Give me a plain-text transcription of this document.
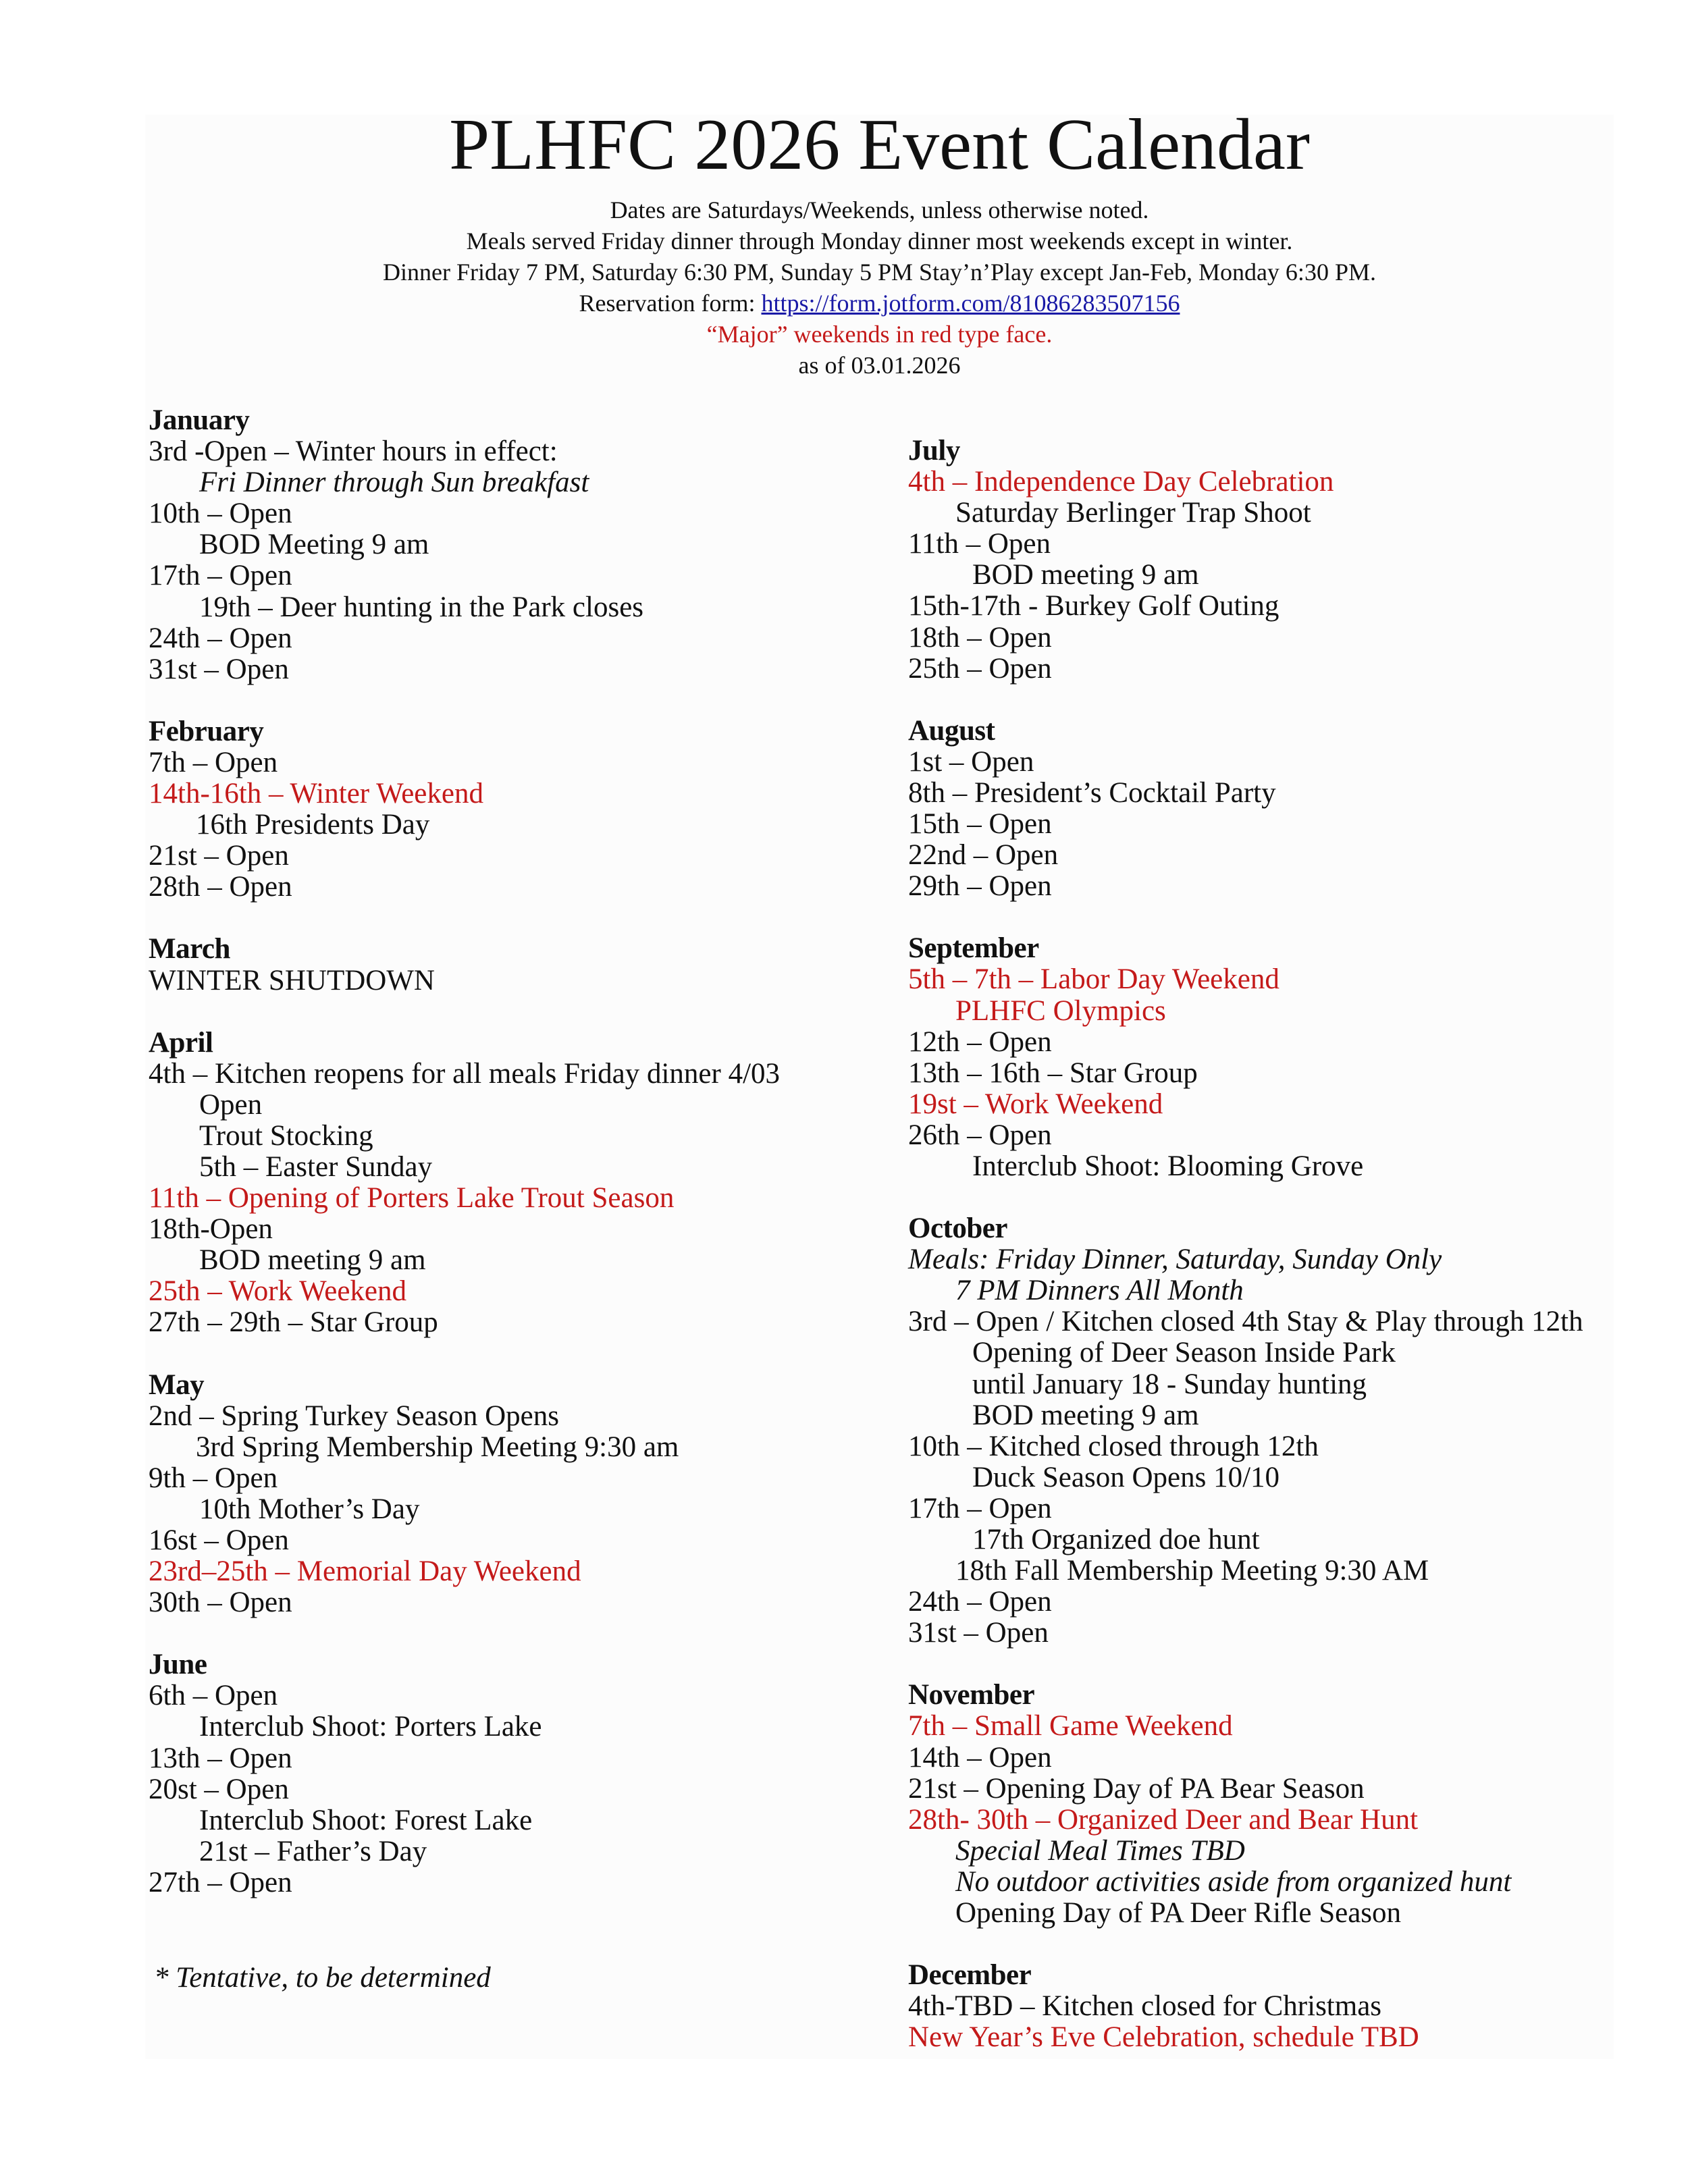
PLHFC 2026 Event Calendar
Dates are Saturdays/Weekends, unless otherwise noted.
Meals served Friday dinner through Monday dinner most weekends except in winter.
Dinner Friday 7 PM, Saturday 6:30 PM, Sunday 5 PM Stay’n’Play except Jan-Feb, Monday 6:30 PM.
Reservation form: https://form.jotform.com/81086283507156
“Major” weekends in red type face.
as of 03.01.2026
January
3rd -Open – Winter hours in effect:
Fri Dinner through Sun breakfast
10th – Open
BOD Meeting 9 am
17th – Open
19th – Deer hunting in the Park closes
24th – Open
31st – Open
February
7th – Open
14th-16th – Winter Weekend
16th Presidents Day
21st – Open
28th – Open
March
WINTER SHUTDOWN
April
4th – Kitchen reopens for all meals Friday dinner 4/03
Open
Trout Stocking
5th – Easter Sunday
11th – Opening of Porters Lake Trout Season
18th-Open
BOD meeting 9 am
25th – Work Weekend
27th – 29th – Star Group
May
2nd – Spring Turkey Season Opens
3rd Spring Membership Meeting 9:30 am
9th – Open
10th Mother’s Day
16st – Open
23rd–25th – Memorial Day Weekend
30th – Open
June
6th – Open
Interclub Shoot: Porters Lake
13th – Open
20st – Open
Interclub Shoot: Forest Lake
21st – Father’s Day
27th – Open
* Tentative, to be determined
July
4th – Independence Day Celebration
Saturday Berlinger Trap Shoot
11th – Open
BOD meeting 9 am
15th-17th - Burkey Golf Outing
18th – Open
25th – Open
August
1st – Open
8th – President’s Cocktail Party
15th – Open
22nd – Open
29th – Open
September
5th – 7th – Labor Day Weekend
PLHFC Olympics
12th – Open
13th – 16th – Star Group
19st – Work Weekend
26th – Open
Interclub Shoot: Blooming Grove
October
Meals: Friday Dinner, Saturday, Sunday Only
7 PM Dinners All Month
3rd – Open / Kitchen closed 4th Stay & Play through 12th
Opening of Deer Season Inside Park
until January 18 - Sunday hunting
BOD meeting 9 am
10th – Kitched closed through 12th
Duck Season Opens 10/10
17th – Open
17th Organized doe hunt
18th Fall Membership Meeting 9:30 AM
24th – Open
31st – Open
November
7th – Small Game Weekend
14th – Open
21st – Opening Day of PA Bear Season
28th- 30th – Organized Deer and Bear Hunt
Special Meal Times TBD
No outdoor activities aside from organized hunt
Opening Day of PA Deer Rifle Season
December
4th-TBD – Kitchen closed for Christmas
New Year’s Eve Celebration, schedule TBD
